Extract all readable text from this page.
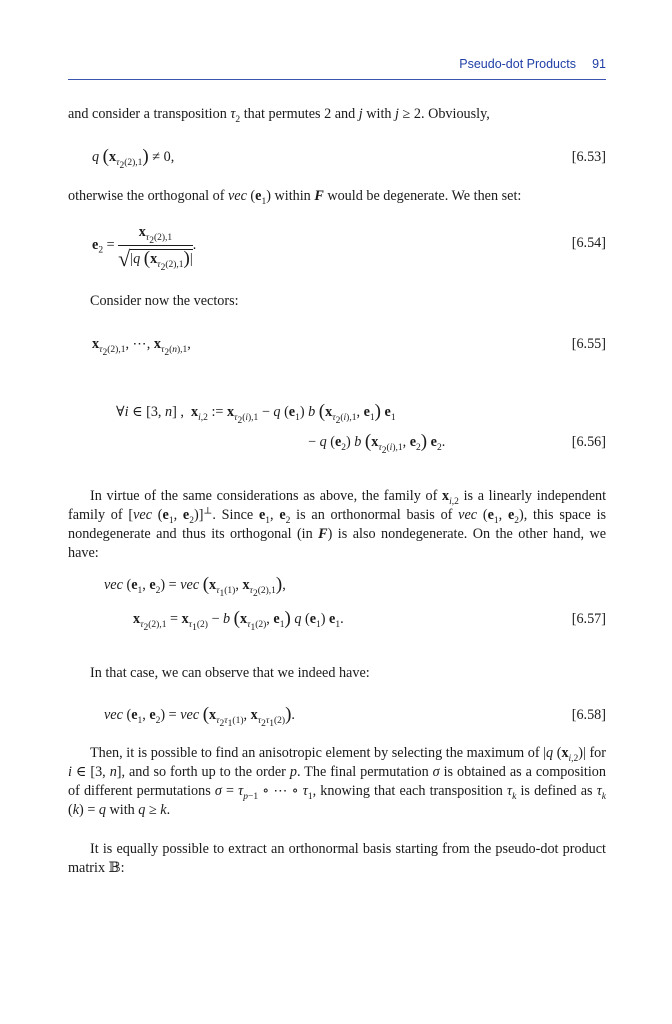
Pseudo-dot Products	91

and consider a transposition $\tau_2$ that permutes 2 and j with j ≥ 2. Obviously,

q $(x_{\tau_2(2),1}) \ne 0$,	[6.53]

otherwise the orthogonal of vec $(e_1)$ within F would be degenerate. We then set:

$e_2 = \frac{x_{\tau_2(2),1}}{√|q (x_{\tau_2(2),1})|}$ .	[6.54]

Consider now the vectors:

$x_{\tau_2(2),1}$, ⋯, $x_{\tau_2(n),1}$,	[6.55]
∀i ∈ [3, n] ,  $x_{i,2}$ := $x_{\tau_2(i),1} - q$ $(e_1)$ b ($x_{\tau_2(i),1}$, $e_1$) $e_1$
− q $(e_2)$ b ($x_{\tau_2(i),1}$, $e_2$) $e_2$.	[6.56]

In virtue of the same considerations as above, the family of $x_{i,2}$ is a linearly independent family of [vec ($e_1$, $e_2)]^\perp$. Since $e_1$, $e_2$ is an orthonormal basis of vec ($e_1$, $e_2$), this space is nondegenerate and thus its orthogonal (in F) is also nondegenerate. On the other hand, we have:

vec ($e_1$, $e_2$) = vec ($x_{\tau_1(1)}$, $x_{\tau_2(2),1}$),
$x_{\tau_2(2),1} = x_{\tau_1(2)} - b$ ($x_{\tau_1(2)}$, $e_1$) q $(e_1)$ $e_1$.	[6.57]

In that case, we can observe that we indeed have:

vec ($e_1$, $e_2$) = vec ($x_{\tau_2\tau_1(1)}$, $x_{\tau_2\tau_1(2)}$).	[6.58]

Then, it is possible to find an anisotropic element by selecting the maximum of |q $(x_{i,2})|$ for i ∈ [3, n], and so forth up to the order p. The final permutation σ is obtained as a composition of different permutations $\sigma = \tau_{p-1}$ ∘ ⋯ ∘ $\tau_1$, knowing that each transposition $\tau_k$ is defined as $\tau_k$ (k) = q with q ≥ k.

It is equally possible to extract an orthonormal basis starting from the pseudo-dot product matrix 𝔹:
